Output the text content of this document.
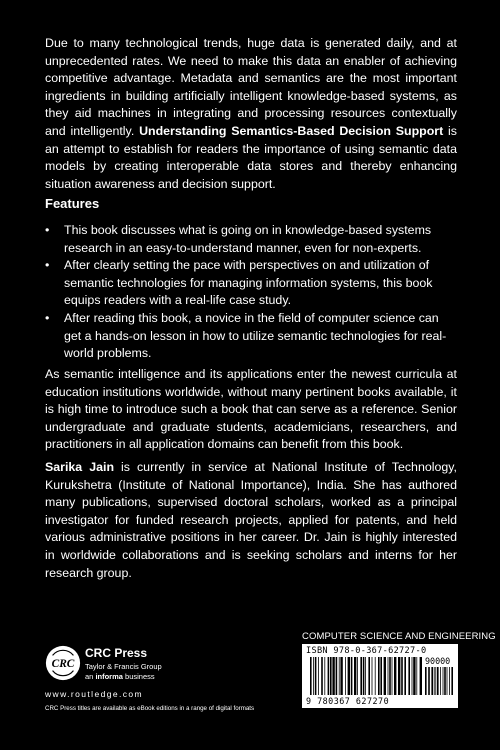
Due to many technological trends, huge data is generated daily, and at unprecedented rates. We need to make this data an enabler of achieving competitive advantage. Metadata and semantics are the most important ingredients in building artificially intelligent knowledge-based systems, as they aid machines in integrating and processing resources contextually and intelligently. Understanding Semantics-Based Decision Support is an attempt to establish for readers the importance of using semantic data models by creating interoperable data stores and thereby enhancing situation awareness and decision support.

Features
• This book discusses what is going on in knowledge-based systems research in an easy-to-understand manner, even for non-experts.
• After clearly setting the pace with perspectives on and utilization of semantic technologies for managing information systems, this book equips readers with a real-life case study.
• After reading this book, a novice in the field of computer science can get a hands-on lesson in how to utilize semantic technologies for real-world problems.

As semantic intelligence and its applications enter the newest curricula at education institutions worldwide, without many pertinent books available, it is high time to introduce such a book that can serve as a reference. Senior undergraduate and graduate students, academicians, researchers, and practitioners in all application domains can benefit from this book.

Sarika Jain is currently in service at National Institute of Technology, Kurukshetra (Institute of National Importance), India. She has authored many publications, supervised doctoral scholars, worked as a principal investigator for funded research projects, applied for patents, and held various administrative positions in her career. Dr. Jain is highly interested in worldwide collaborations and is seeking scholars and interns for her research group.

COMPUTER SCIENCE AND ENGINEERING
ISBN 978-0-367-62727-0
90000
9 780367 627270
CRC
CRC Press
Taylor & Francis Group
an informa business
www.routledge.com
CRC Press titles are available as eBook editions in a range of digital formats
